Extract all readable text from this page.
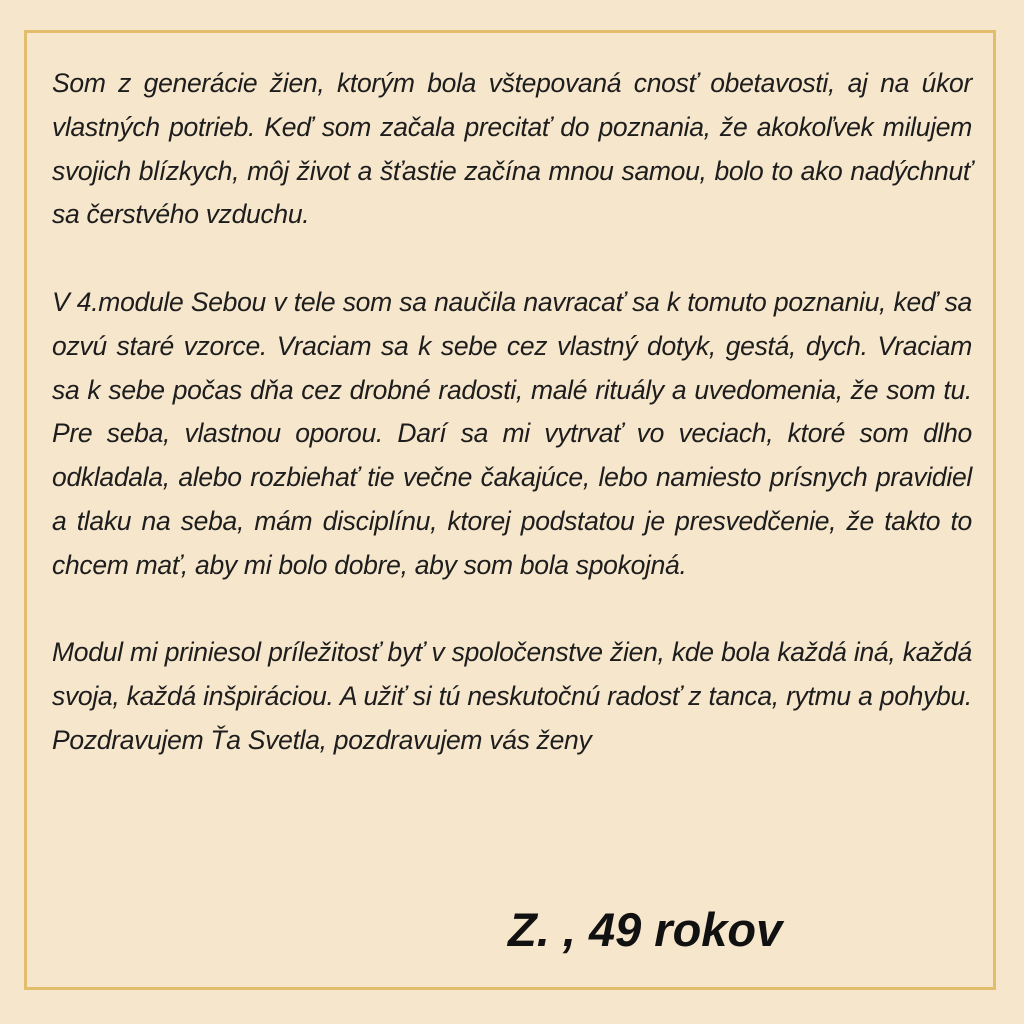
Som z generácie žien, ktorým bola vštepovaná cnosť obetavosti, aj na úkor vlastných potrieb. Keď som začala precitať do poznania, že akokoľvek milujem svojich blízkych, môj život a šťastie začína mnou samou, bolo to ako nadýchnuť sa čerstvého vzduchu.

V 4.module Sebou v tele som sa naučila navracať sa k tomuto poznaniu, keď sa ozvú staré vzorce. Vraciam sa k sebe cez vlastný dotyk, gestá, dych. Vraciam sa k sebe počas dňa cez drobné radosti, malé rituály a uvedomenia, že som tu. Pre seba, vlastnou oporou. Darí sa mi vytrvať vo veciach, ktoré som dlho odkladala, alebo rozbiehať tie večne čakajúce, lebo namiesto prísnych pravidiel a tlaku na seba, mám disciplínu, ktorej podstatou je presvedčenie, že takto to chcem mať, aby mi bolo dobre, aby som bola spokojná.

Modul mi priniesol príležitosť byť v spoločenstve žien, kde bola každá iná, každá svoja, každá inšpiráciou. A užiť si tú neskutočnú radosť z tanca, rytmu a pohybu. Pozdravujem Ťa Svetla, pozdravujem vás ženy

Z. , 49 rokov
